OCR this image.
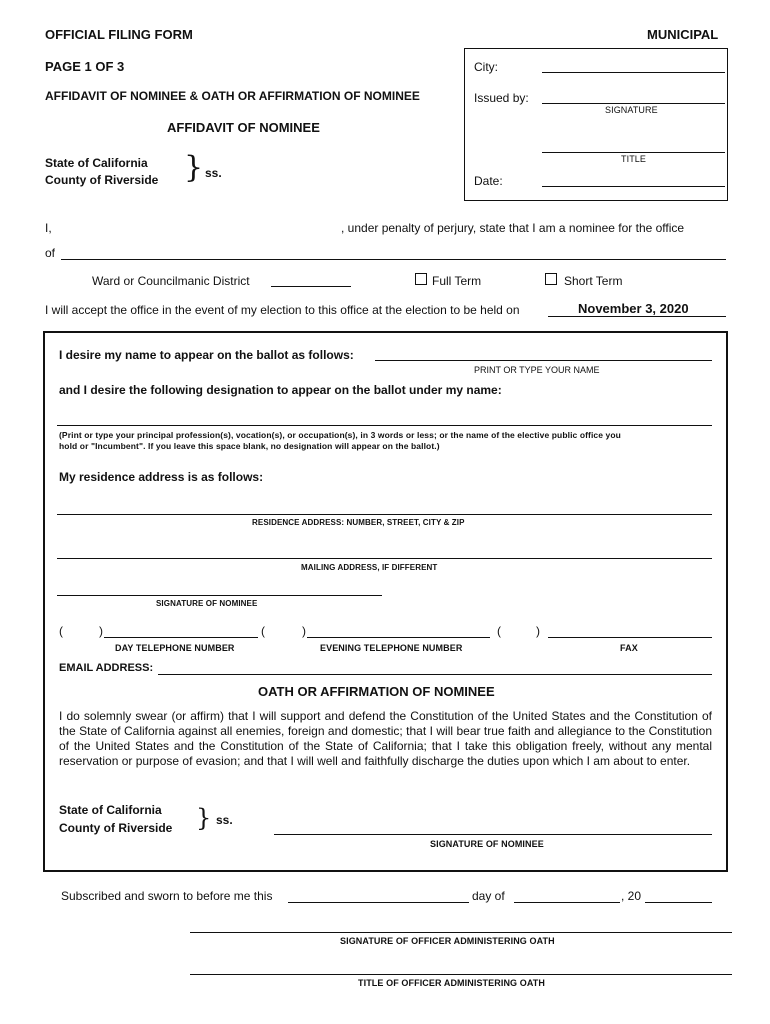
OFFICIAL FILING FORM	MUNICIPAL
PAGE 1 OF 3
AFFIDAVIT OF NOMINEE & OATH OR AFFIRMATION OF NOMINEE
AFFIDAVIT OF NOMINEE
City:
Issued by:
SIGNATURE
TITLE
Date:
State of California
County of Riverside } ss.
I,	, under penalty of perjury, state that I am a nominee for the office
of
Ward or Councilmanic District	Full Term	Short Term
I will accept the office in the event of my election to this office at the election to be held on	November 3, 2020
I desire my name to appear on the ballot as follows:
PRINT OR TYPE YOUR NAME
and I desire the following designation to appear on the ballot under my name:
(Print or type your principal profession(s), vocation(s), or occupation(s), in 3 words or less; or the name of the elective public office you
hold or "Incumbent". If you leave this space blank, no designation will appear on the ballot.)
My residence address is as follows:
RESIDENCE ADDRESS: NUMBER, STREET, CITY & ZIP
MAILING ADDRESS, IF DIFFERENT
SIGNATURE OF NOMINEE
(	)	(	)	(	)
DAY TELEPHONE NUMBER	EVENING TELEPHONE NUMBER	FAX
EMAIL ADDRESS:
OATH OR AFFIRMATION OF NOMINEE
I do solemnly swear (or affirm) that I will support and defend the Constitution of the United States and the Constitution of the State of California against all enemies, foreign and domestic; that I will bear true faith and allegiance to the Constitution of the United States and the Constitution of the State of California; that I take this obligation freely, without any mental reservation or purpose of evasion; and that I will well and faithfully discharge the duties upon which I am about to enter.
State of California
County of Riverside } ss.
SIGNATURE OF NOMINEE
Subscribed and sworn to before me this	day of	, 20
SIGNATURE OF OFFICER ADMINISTERING OATH
TITLE OF OFFICER ADMINISTERING OATH
